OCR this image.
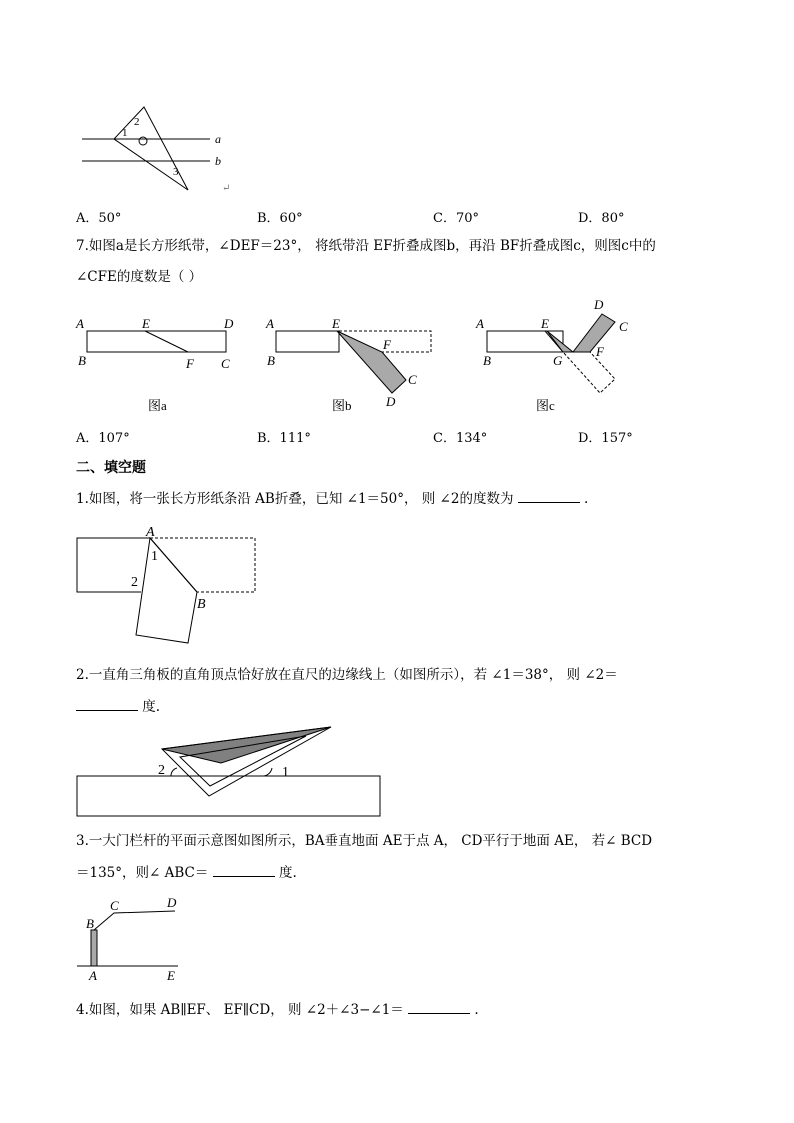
1
2
3
a
b
↵
A．50°	B．60°	C．70°	D．80°
7.如图a是长方形纸带，∠DEF＝23°， 将纸带沿 EF折叠成图b，再沿 BF折叠成图c，则图c中的
∠CFE的度数是（ ）
A	E	D
B	F C
图a
A	E
B
F
C
D
图b
A	E
D
C
B	G
F
图c
A．107°	B．111°	C．134°	D．157°
二、填空题
1.如图，将一张长方形纸条沿 AB折叠，已知 ∠1＝50°， 则 ∠2的度数为	.
A
1
2
B
2.一直角三角板的直角顶点恰好放在直尺的边缘线上（如图所示），若 ∠1＝38°， 则 ∠2＝
度.
2	1
3.一大门栏杆的平面示意图如图所示，BA垂直地面 AE于点 A， CD平行于地面 AE， 若∠ BCD
＝135°，则∠ ABC＝	度.
B
C	D
A	E
4.如图，如果 AB∥EF、 EF∥CD， 则 ∠2＋∠3−∠1＝	.
